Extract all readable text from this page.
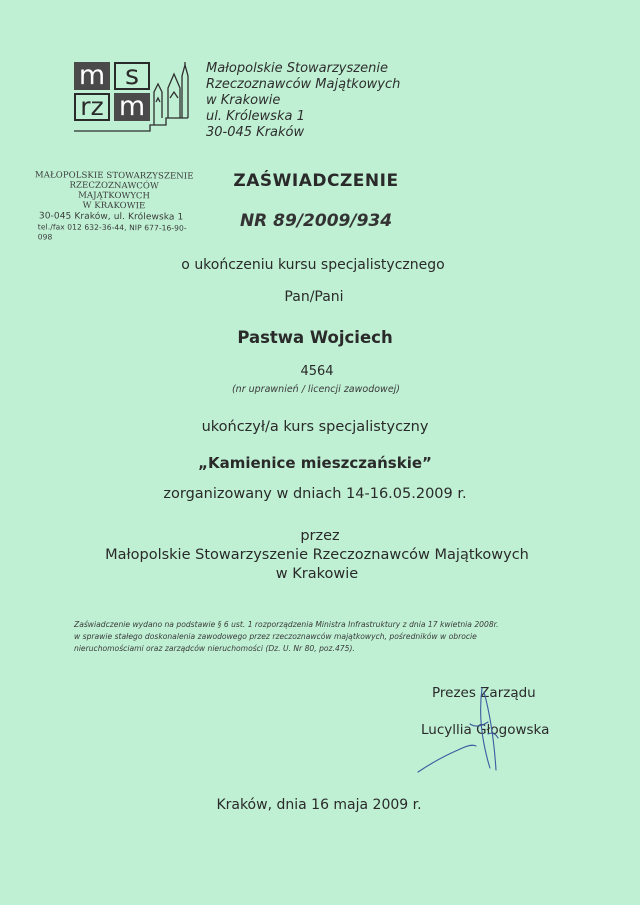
m s
rz m

Małopolskie Stowarzyszenie
Rzeczoznawców Majątkowych
w Krakowie
ul. Królewska 1
30-045 Kraków

MAŁOPOLSKIE STOWARZYSZENIE
RZECZOZNAWCÓW MAJĄTKOWYCH
W KRAKOWIE
30-045 Kraków, ul. Królewska 1
tel./fax 012 632-36-44, NIP 677-16-90-098

ZAŚWIADCZENIE

NR 89/2009/934

o ukończeniu kursu specjalistycznego

Pan/Pani

Pastwa Wojciech

4564

(nr uprawnień / licencji zawodowej)

ukończył/a kurs specjalistyczny

„Kamienice mieszczańskie”

zorganizowany w dniach 14-16.05.2009 r.

przez

Małopolskie Stowarzyszenie Rzeczoznawców Majątkowych
w Krakowie

Zaświadczenie wydano na podstawie § 6 ust. 1 rozporządzenia Ministra Infrastruktury z dnia 17 kwietnia 2008r.
w sprawie stałego doskonalenia zawodowego przez rzeczoznawców majątkowych, pośredników w obrocie
nieruchomościami oraz zarządców nieruchomości (Dz. U. Nr 80, poz.475).

Prezes Zarządu

Lucyllia Głogowska

Kraków, dnia 16 maja 2009 r.
